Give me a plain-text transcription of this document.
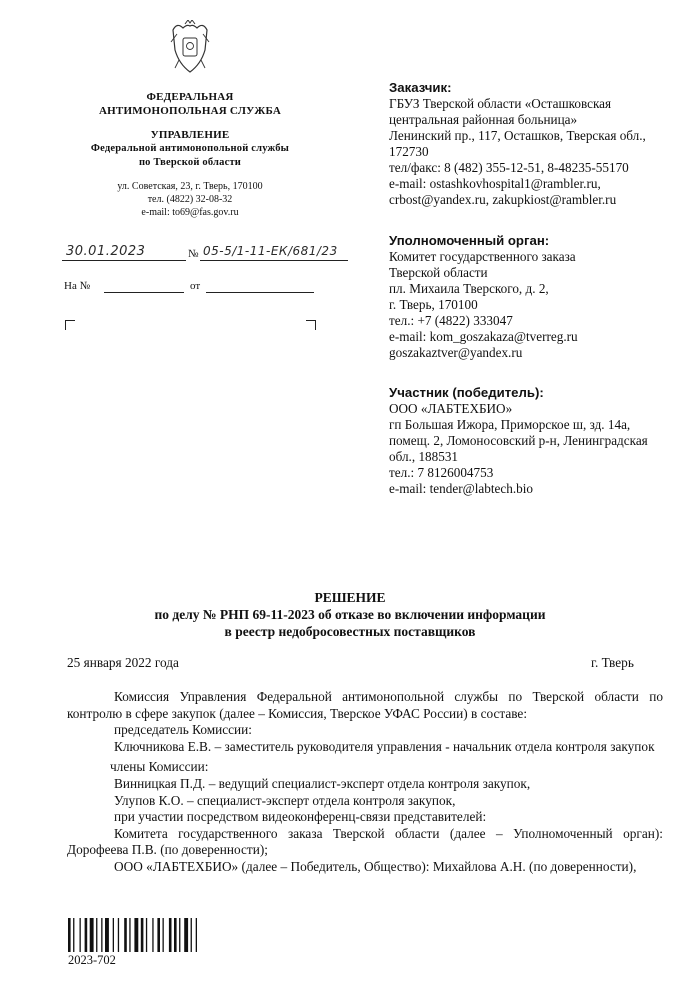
ФЕДЕРАЛЬНАЯ
АНТИМОНОПОЛЬНАЯ СЛУЖБА
УПРАВЛЕНИЕ
Федеральной антимонопольной службы
по Тверской области
ул. Советская, 23, г. Тверь, 170100
тел. (4822) 32-08-32
e-mail: to69@fas.gov.ru
30.01.2023	№ 05-5/1-11-ЕК/681/23
На №	от
Заказчик:
ГБУЗ Тверской области «Осташковская
центральная районная больница»
Ленинский пр., 117, Осташков, Тверская обл.,
172730
тел/факс: 8 (482) 355-12-51, 8-48235-55170
e-mail: ostashkovhospital1@rambler.ru,
crbost@yandex.ru, zakupkiost@rambler.ru
Уполномоченный орган:
Комитет государственного заказа
Тверской области
пл. Михаила Тверского, д. 2,
г. Тверь, 170100
тел.: +7 (4822) 333047
e-mail: kom_goszakaza@tverreg.ru
goszakaztver@yandex.ru
Участник (победитель):
ООО «ЛАБТЕХБИО»
гп Большая Ижора, Приморское ш, зд. 14а,
помещ. 2, Ломоносовский р-н, Ленинградская
обл., 188531
тел.: 7 8126004753
e-mail: tender@labtech.bio
РЕШЕНИЕ
по делу № РНП 69-11-2023 об отказе во включении информации
в реестр недобросовестных поставщиков
25 января 2022 года	г. Тверь

Комиссия Управления Федеральной антимонопольной службы по Тверской области по контролю в сфере закупок (далее – Комиссия, Тверское УФАС России) в составе:

председатель Комиссии:

Ключникова Е.В. – заместитель руководителя управления - начальник отдела контроля закупок

члены Комиссии:

Винницкая П.Д. – ведущий специалист-эксперт отдела контроля закупок,

Улупов К.О. – специалист-эксперт отдела контроля закупок,

при участии посредством видеоконференц-связи представителей:

Комитета государственного заказа Тверской области (далее – Уполномоченный орган): Дорофеева П.В. (по доверенности);

ООО «ЛАБТЕХБИО» (далее – Победитель, Общество): Михайлова А.Н. (по доверенности),

2023-702
